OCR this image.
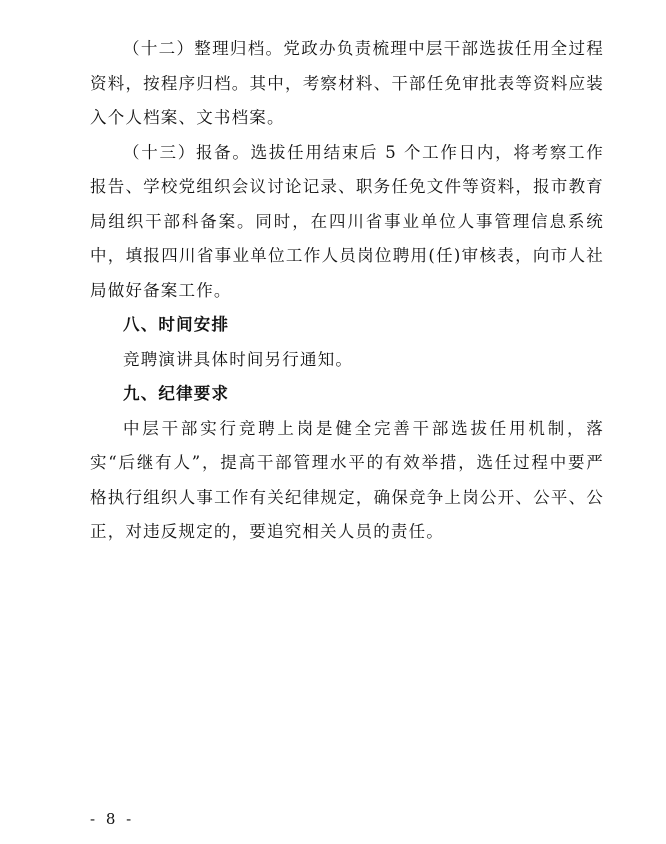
（十二）整理归档。党政办负责梳理中层干部选拔任用全过程资料，按程序归档。其中，考察材料、干部任免审批表等资料应装入个人档案、文书档案。

（十三）报备。选拔任用结束后 5 个工作日内，将考察工作报告、学校党组织会议讨论记录、职务任免文件等资料，报市教育局组织干部科备案。同时，在四川省事业单位人事管理信息系统中，填报四川省事业单位工作人员岗位聘用(任)审核表，向市人社局做好备案工作。

八、时间安排

竞聘演讲具体时间另行通知。

九、纪律要求

中层干部实行竞聘上岗是健全完善干部选拔任用机制，落实“后继有人”，提高干部管理水平的有效举措，选任过程中要严格执行组织人事工作有关纪律规定，确保竞争上岗公开、公平、公正，对违反规定的，要追究相关人员的责任。

- 8 -
